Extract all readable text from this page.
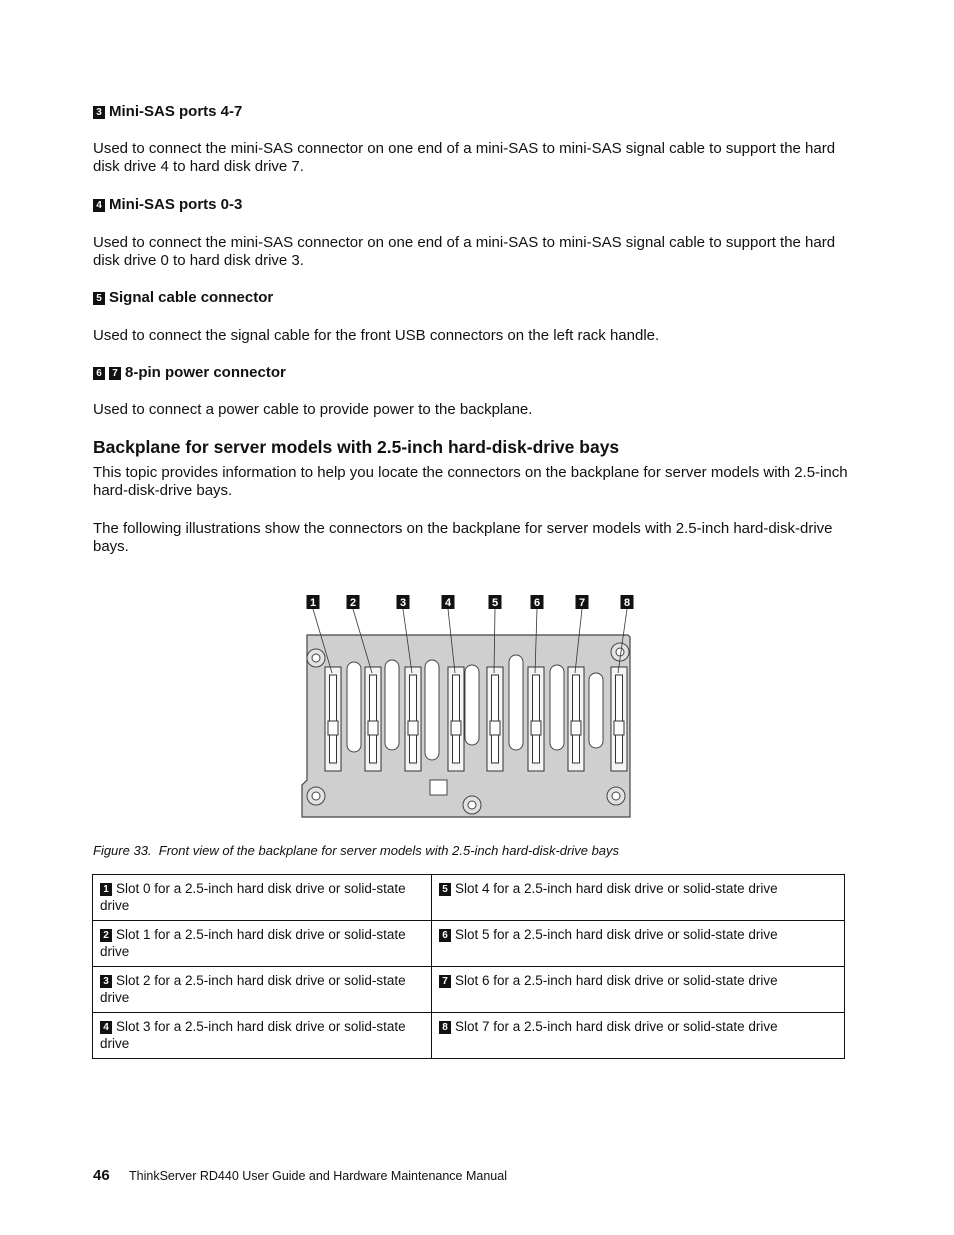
3 Mini-SAS ports 4-7
Used to connect the mini-SAS connector on one end of a mini-SAS to mini-SAS signal cable to support the hard disk drive 4 to hard disk drive 7.
4 Mini-SAS ports 0-3
Used to connect the mini-SAS connector on one end of a mini-SAS to mini-SAS signal cable to support the hard disk drive 0 to hard disk drive 3.
5 Signal cable connector
Used to connect the signal cable for the front USB connectors on the left rack handle.
6 7 8-pin power connector
Used to connect a power cable to provide power to the backplane.
Backplane for server models with 2.5-inch hard-disk-drive bays
This topic provides information to help you locate the connectors on the backplane for server models with 2.5-inch hard-disk-drive bays.
The following illustrations show the connectors on the backplane for server models with 2.5-inch hard-disk-drive bays.
1	2	3	4	5	6	7	8
Figure 33. Front view of the backplane for server models with 2.5-inch hard-disk-drive bays
1 Slot 0 for a 2.5-inch hard disk drive or solid-state drive	5 Slot 4 for a 2.5-inch hard disk drive or solid-state drive
2 Slot 1 for a 2.5-inch hard disk drive or solid-state drive	6 Slot 5 for a 2.5-inch hard disk drive or solid-state drive
3 Slot 2 for a 2.5-inch hard disk drive or solid-state drive	7 Slot 6 for a 2.5-inch hard disk drive or solid-state drive
4 Slot 3 for a 2.5-inch hard disk drive or solid-state drive	8 Slot 7 for a 2.5-inch hard disk drive or solid-state drive
46 ThinkServer RD440 User Guide and Hardware Maintenance Manual
